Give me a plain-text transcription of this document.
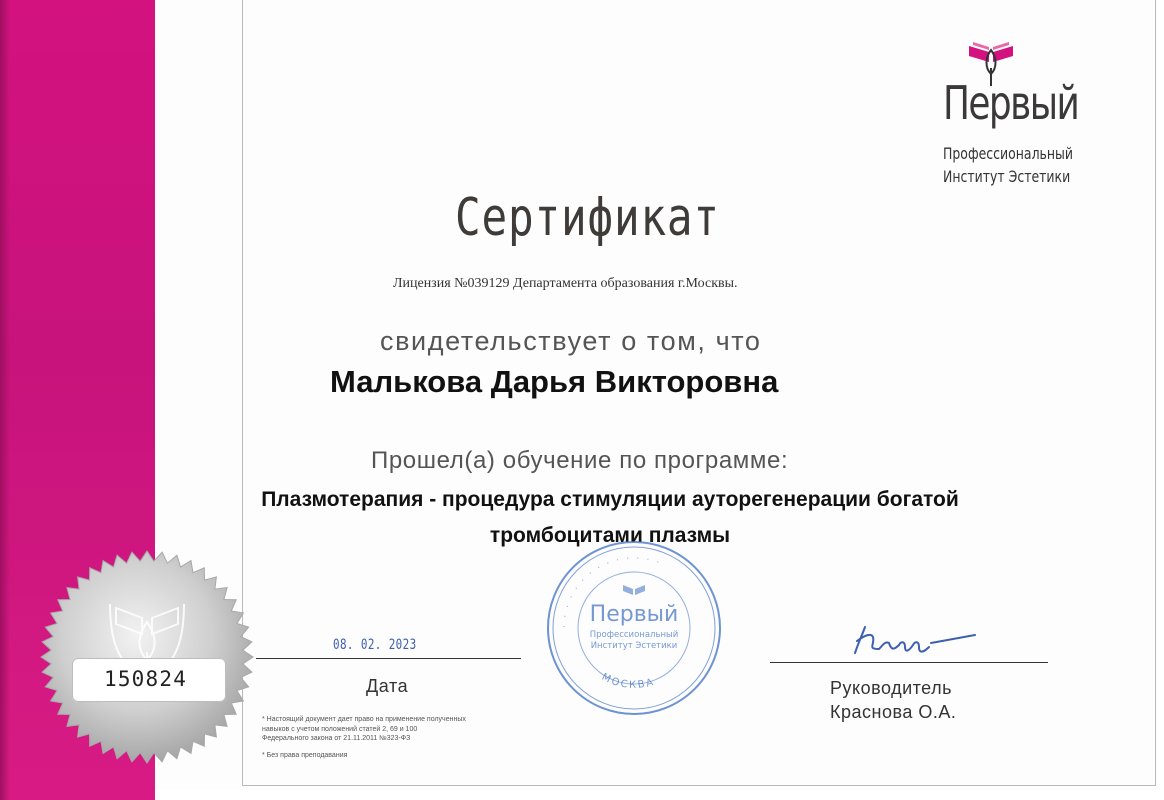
Первый
Профессиональный
Институт Эстетики
Сертификат
Лицензия №039129 Департамента образования г.Москвы.
свидетельствует о том, что
Малькова Дарья Викторовна
Прошел(а) обучение по программе:
Плазмотерапия - процедура стимуляции ауторегенерации богатой
тромбоцитами плазмы
· · · · · · · · · · · · · ·
МОСКВА
Первый
Профессиональный
Институт Эстетики
08. 02. 2023
Дата	Руководитель
Краснова О.А.

* Настоящий документ дает право на применение полученных

навыков с учетом положений статей 2, 69 и 100

Федерального закона от 21.11.2011 №323-ФЗ

* Без права преподавания
150824
